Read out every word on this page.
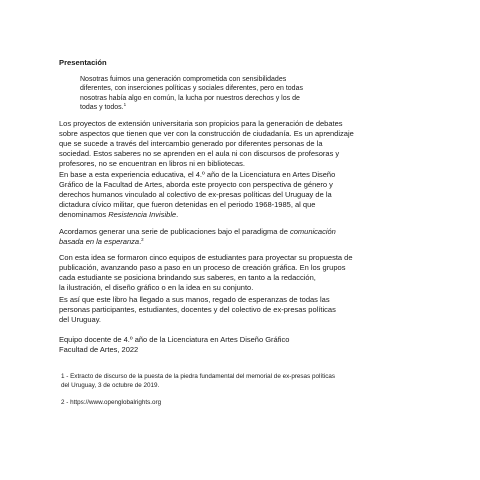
Presentación

Nosotras fuimos una generación comprometida con sensibilidades
diferentes, con inserciones políticas y sociales diferentes, pero en todas
nosotras había algo en común, la lucha por nuestros derechos y los de
todas y todos.$^1$

Los proyectos de extensión universitaria son propicios para la generación de debates
sobre aspectos que tienen que ver con la construcción de ciudadanía. Es un aprendizaje
que se sucede a través del intercambio generado por diferentes personas de la
sociedad. Estos saberes no se aprenden en el aula ni con discursos de profesoras y
profesores, no se encuentran en libros ni en bibliotecas.

En base a esta experiencia educativa, el 4.º año de la Licenciatura en Artes Diseño
Gráfico de la Facultad de Artes, aborda este proyecto con perspectiva de género y
derechos humanos vinculado al colectivo de ex-presas políticas del Uruguay de la
dictadura cívico militar, que fueron detenidas en el periodo 1968-1985, al que
denominamos Resistencia Invisible.

Acordamos generar una serie de publicaciones bajo el paradigma de comunicación
basada en la esperanza.$^2$

Con esta idea se formaron cinco equipos de estudiantes para proyectar su propuesta de
publicación, avanzando paso a paso en un proceso de creación gráfica. En los grupos
cada estudiante se posiciona brindando sus saberes, en tanto a la redacción,
la ilustración, el diseño gráfico o en la idea en su conjunto.

Es así que este libro ha llegado a sus manos, regado de esperanzas de todas las
personas participantes, estudiantes, docentes y del colectivo de ex-presas políticas
del Uruguay.

Equipo docente de 4.º año de la Licenciatura en Artes Diseño Gráfico
Facultad de Artes, 2022

1 - Extracto de discurso de la puesta de la piedra fundamental del memorial de ex-presas políticas
del Uruguay, 3 de octubre de 2019.

2 - https://www.openglobalrights.org
